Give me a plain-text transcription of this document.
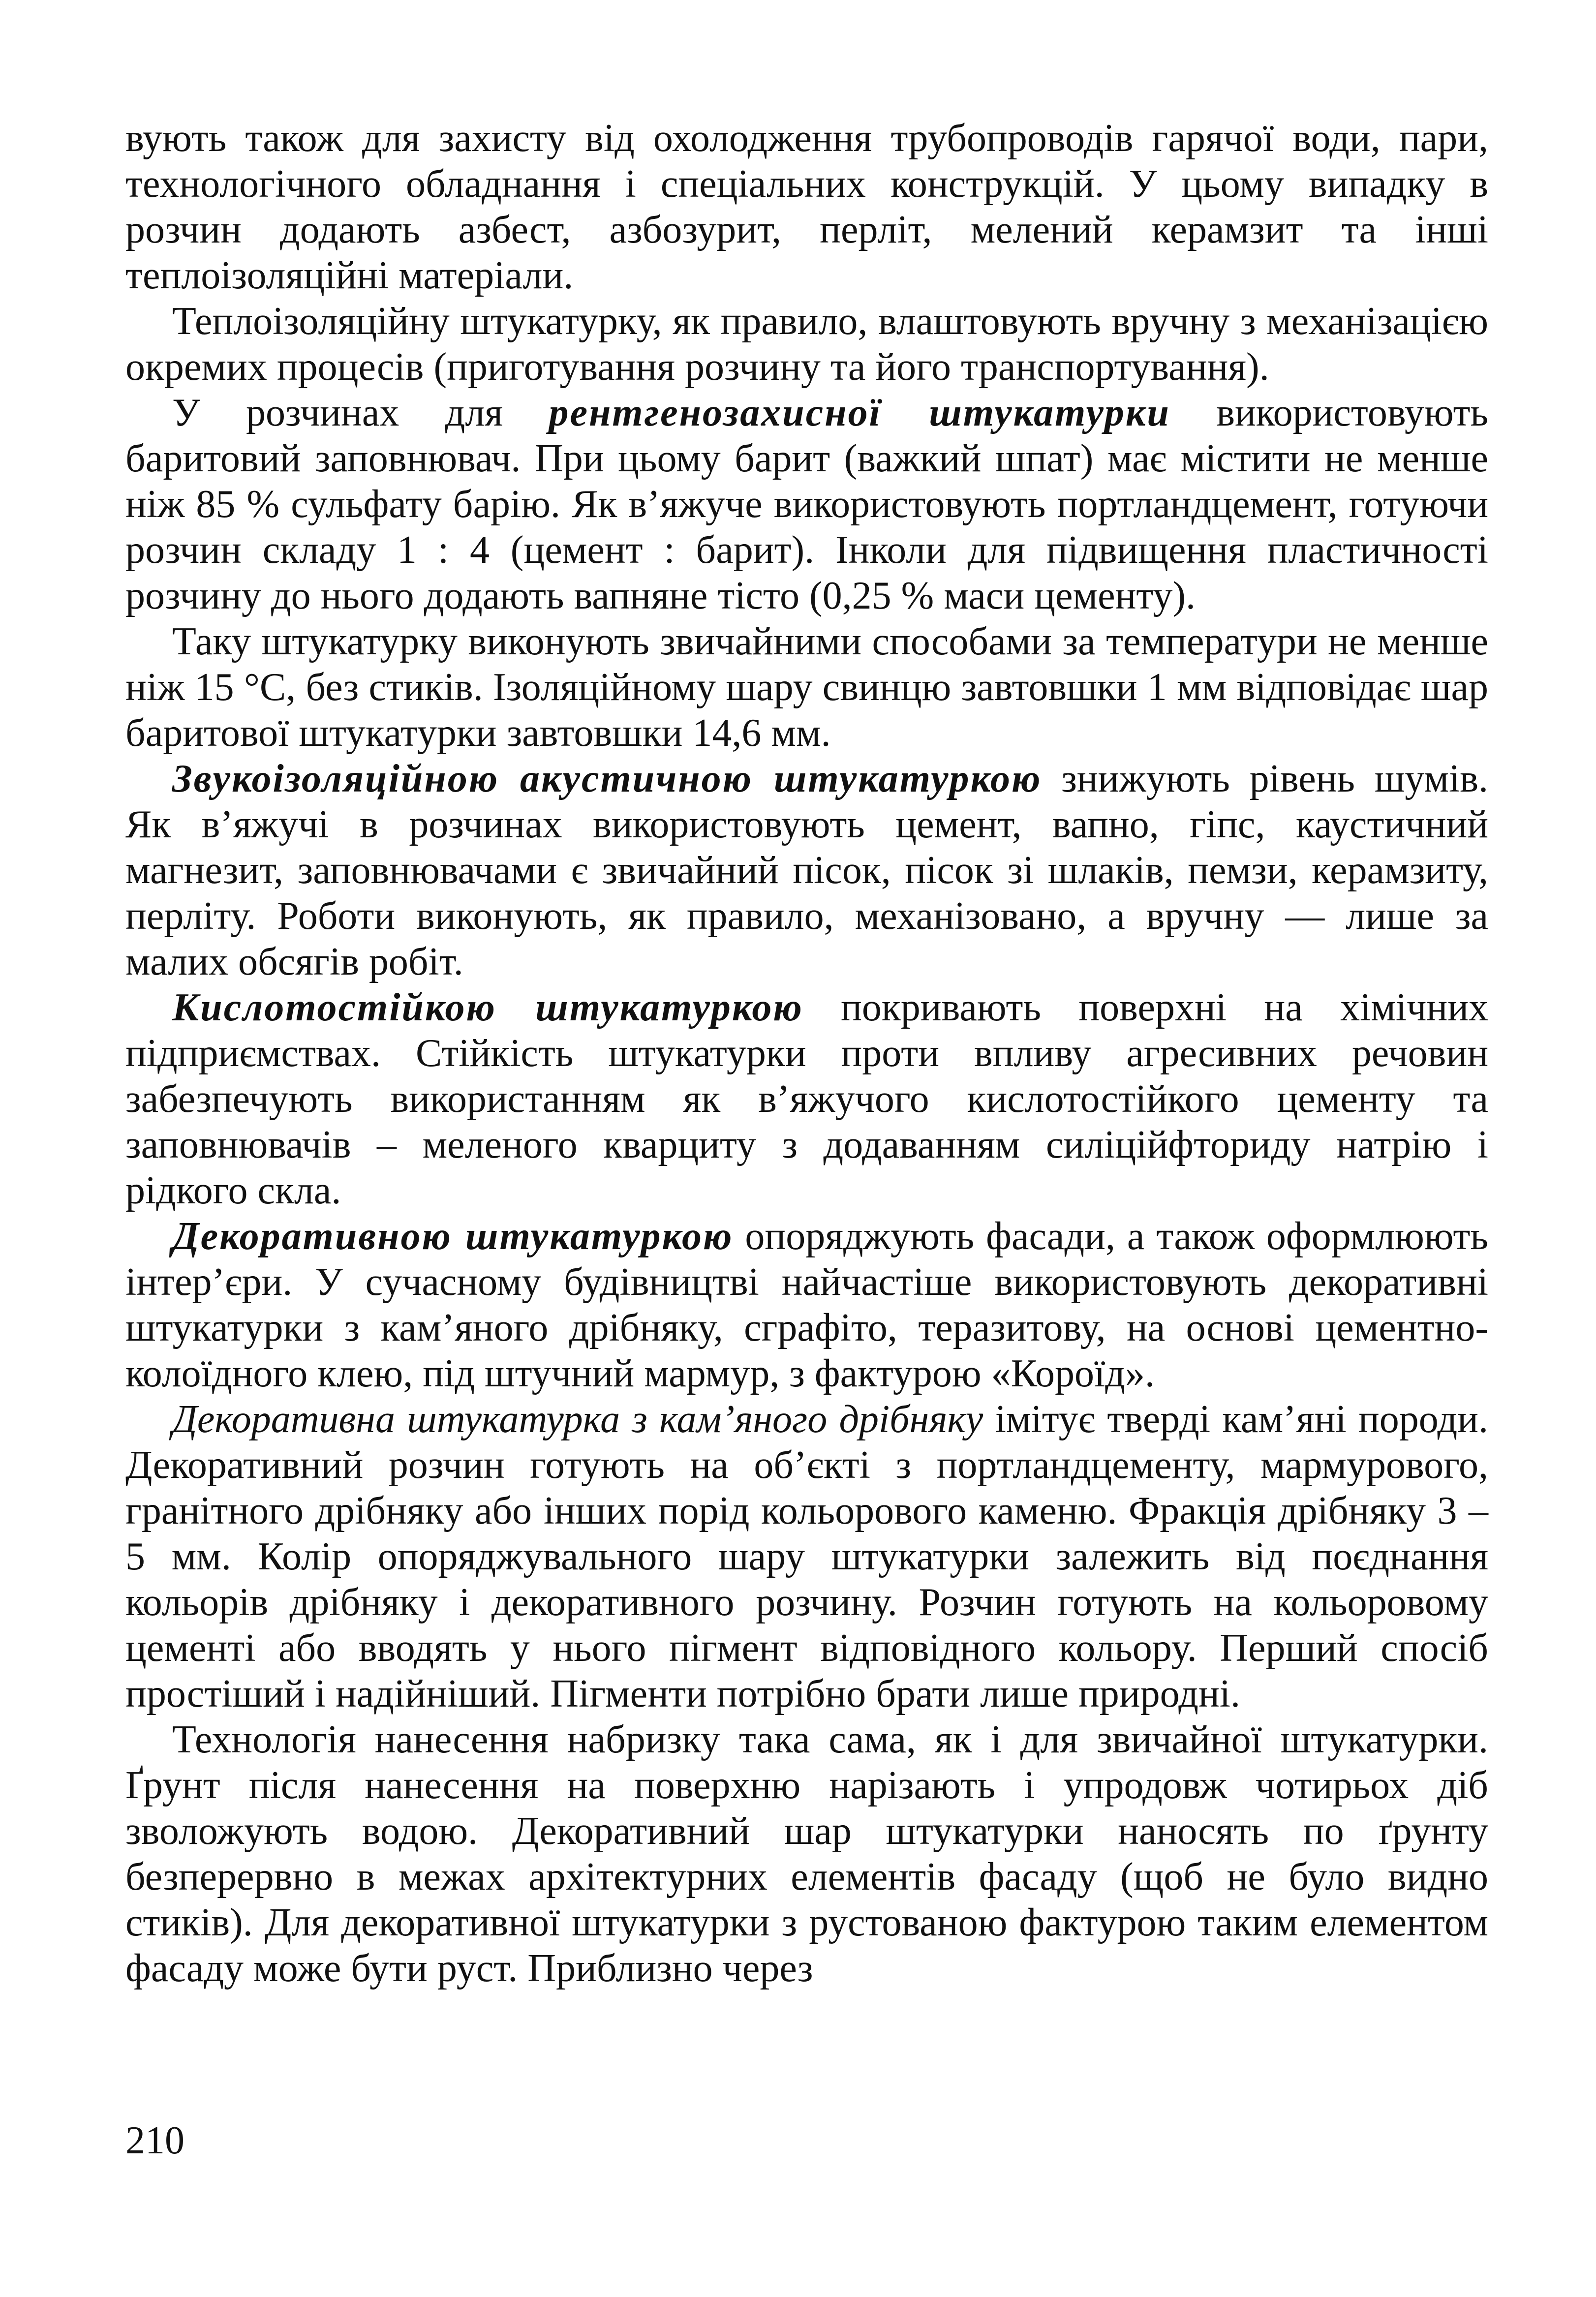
вують також для захисту від охолодження трубопроводів гарячої води, пари, технологічного обладнання і спеціальних конструкцій. У цьому випадку в розчин додають азбест, азбозурит, перліт, мелений керамзит та інші теплоізоляційні матеріали.

Теплоізоляційну штукатурку, як правило, влаштовують вручну з механізацією окремих процесів (приготування розчину та його транспортування).

У розчинах для рентгенозахисної штукатурки використовують баритовий заповнювач. При цьому барит (важкий шпат) має містити не менше ніж 85 % сульфату барію. Як в’яжуче використовують портландцемент, готуючи розчин складу 1 : 4 (цемент : барит). Інколи для підвищення пластичності розчину до нього додають вапняне тісто (0,25 % маси цементу).

Таку штукатурку виконують звичайними способами за температури не менше ніж 15 °С, без стиків. Ізоляційному шару свинцю завтовшки 1 мм відповідає шар баритової штукатурки завтовшки 14,6 мм.

Звукоізоляційною акустичною штукатуркою знижують рівень шумів. Як в’яжучі в розчинах використовують цемент, вапно, гіпс, каустичний магнезит, заповнювачами є звичайний пісок, пісок зі шлаків, пемзи, керамзиту, перліту. Роботи виконують, як правило, механізовано, а вручну — лише за малих обсягів робіт.

Кислотостійкою штукатуркою покривають поверхні на хімічних підприємствах. Стійкість штукатурки проти впливу агресивних речовин забезпечують використанням як в’яжучого кислотостійкого цементу та заповнювачів – меленого кварциту з додаванням силіційфториду натрію і рідкого скла.

Декоративною штукатуркою опоряджують фасади, а також оформлюють інтер’єри. У сучасному будівництві найчастіше використовують декоративні штукатурки з кам’яного дрібняку, сграфіто, теразитову, на основі цементно-колоїдного клею, під штучний мармур, з фактурою «Короїд».

Декоративна штукатурка з кам’яного дрібняку імітує тверді кам’яні породи. Декоративний розчин готують на об’єкті з портландцементу, мармурового, гранітного дрібняку або інших порід кольорового каменю. Фракція дрібняку 3 – 5 мм. Колір опоряджувального шару штукатурки залежить від поєднання кольорів дрібняку і декоративного розчину. Розчин готують на кольоровому цементі або вводять у нього пігмент відповідного кольору. Перший спосіб простіший і надійніший. Пігменти потрібно брати лише природні.

Технологія нанесення набризку така сама, як і для звичайної штукатурки. Ґрунт після нанесення на поверхню нарізають і упродовж чотирьох діб зволожують водою. Декоративний шар штукатурки наносять по ґрунту безперервно в межах архітектурних елементів фасаду (щоб не було видно стиків). Для декоративної штукатурки з рустованою фактурою таким елементом фасаду може бути руст. Приблизно через

210
